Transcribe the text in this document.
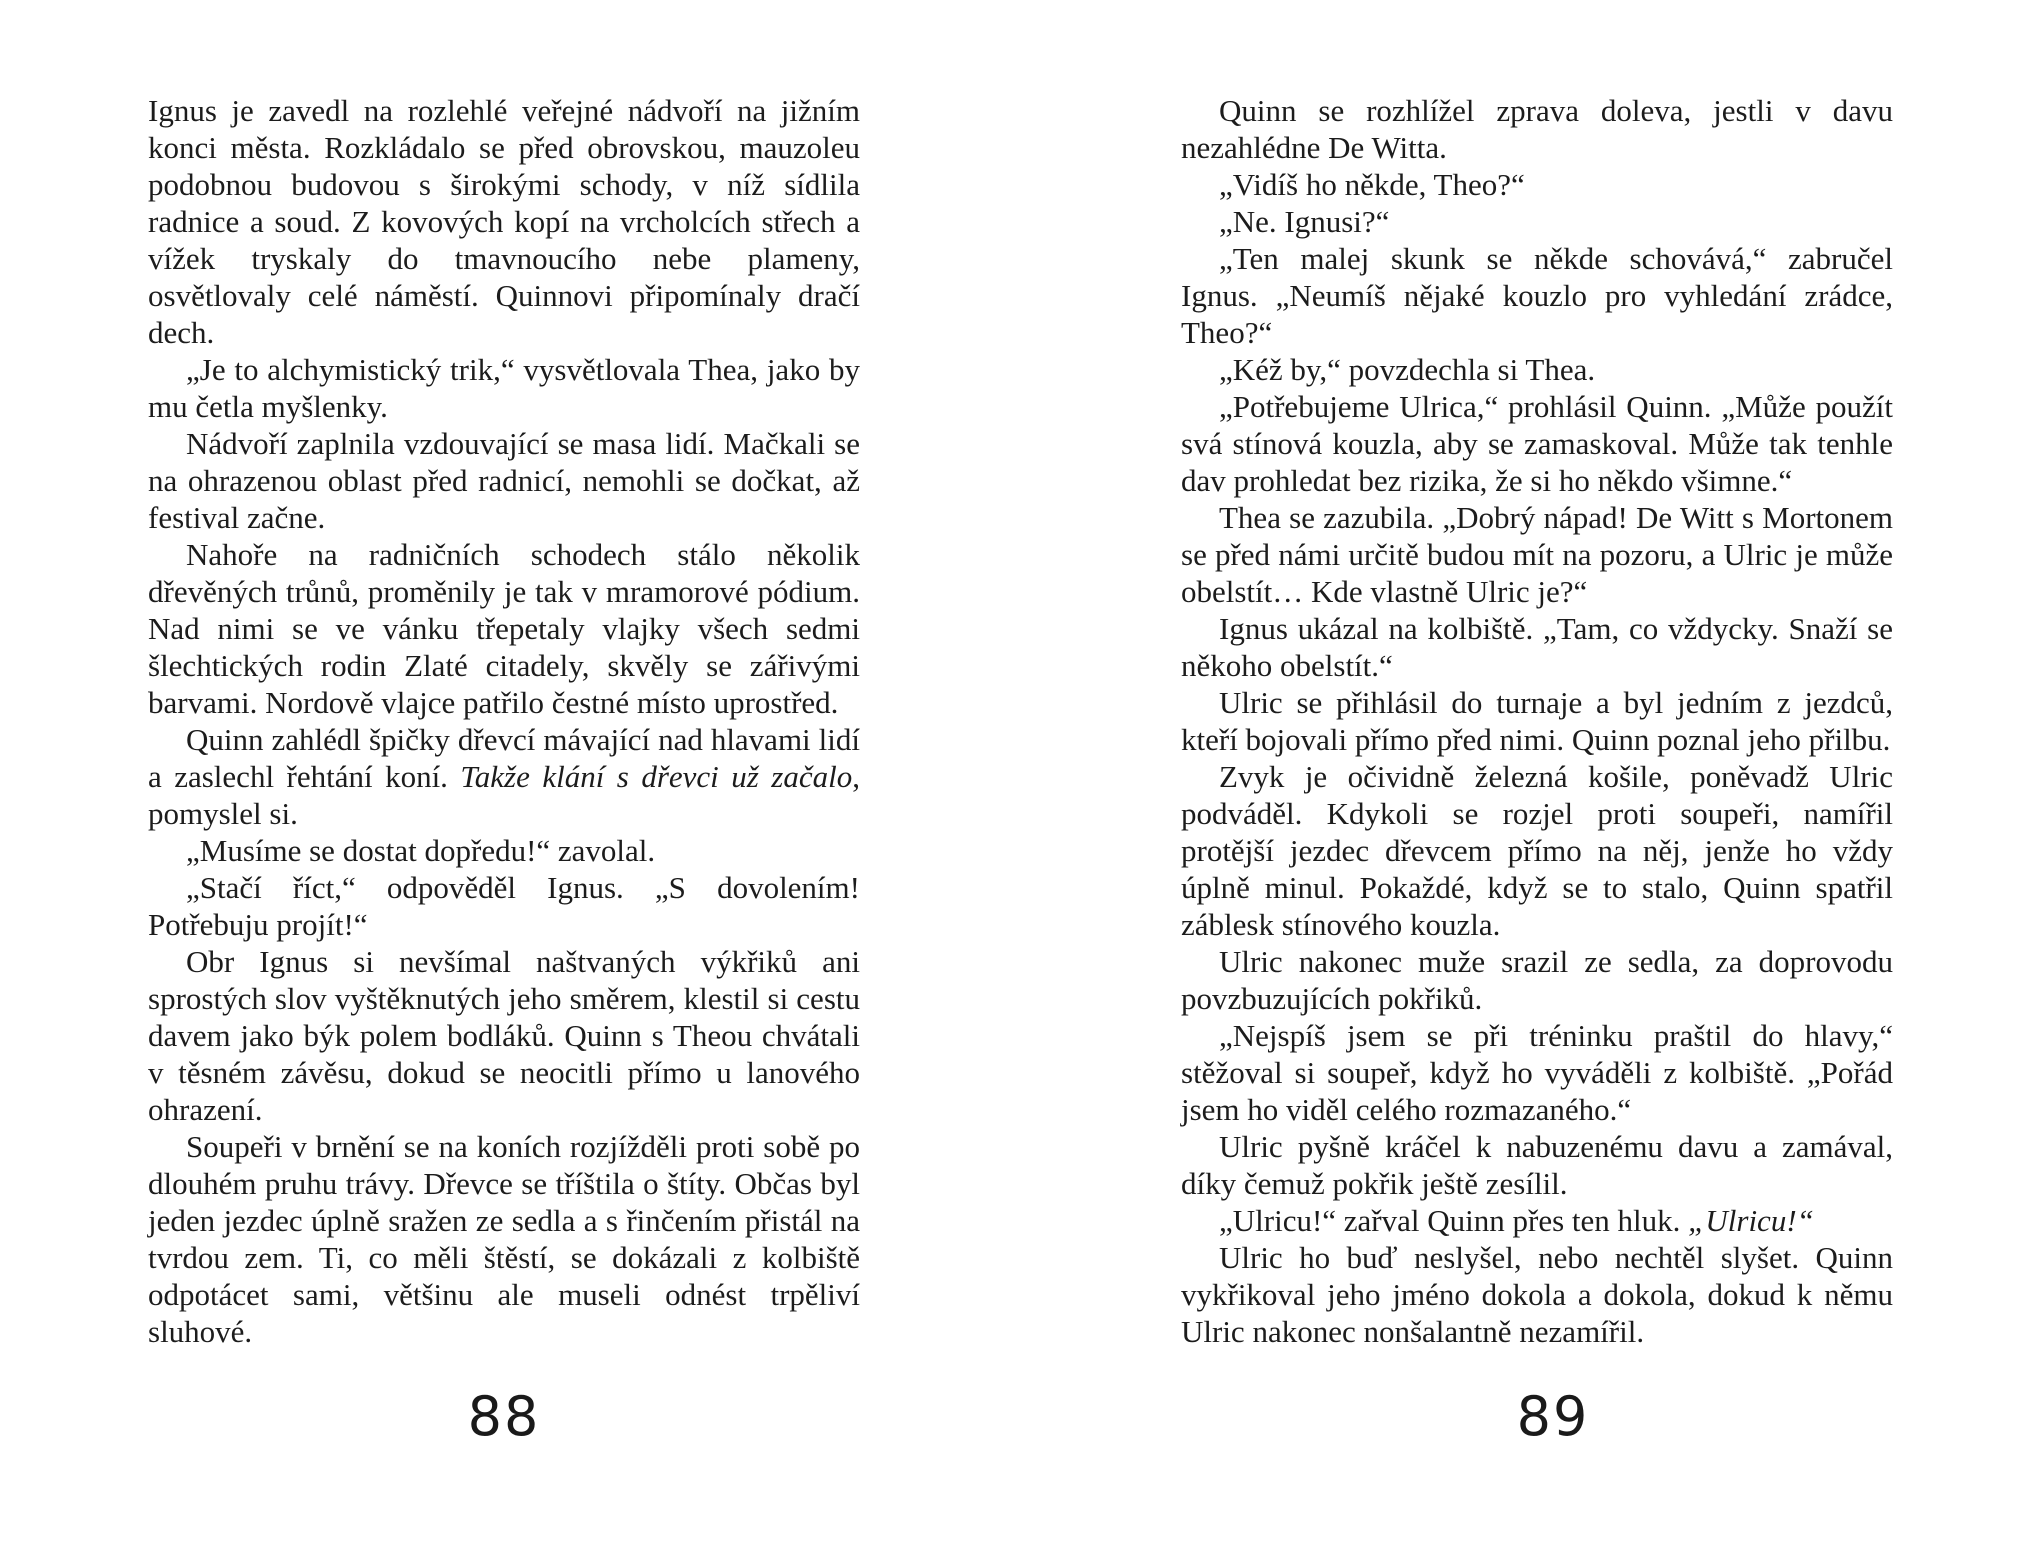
Ignus je zavedl na rozlehlé veřejné nádvoří na jižním konci města. Rozkládalo se před obrovskou, mauzoleu podobnou budovou s širokými schody, v níž sídlila radnice a soud. Z kovových kopí na vrcholcích střech a vížek tryskaly do tmavnoucího nebe plameny, osvětlovaly celé náměstí. Quinnovi připomínaly dračí dech.

„Je to alchymistický trik,“ vysvětlovala Thea, jako by mu četla myšlenky.

Nádvoří zaplnila vzdouvající se masa lidí. Mačkali se na ohrazenou oblast před radnicí, nemohli se dočkat, až festival začne.

Nahoře na radničních schodech stálo několik dřevěných trůnů, proměnily je tak v mramorové pódium. Nad nimi se ve vánku třepetaly vlajky všech sedmi šlechtických rodin Zlaté citadely, skvěly se zářivými barvami. Nordově vlajce patřilo čestné místo uprostřed.

Quinn zahlédl špičky dřevcí mávající nad hlavami lidí a zaslechl řehtání koní. Takže klání s dřevci už začalo, pomyslel si.

„Musíme se dostat dopředu!“ zavolal.

„Stačí říct,“ odpověděl Ignus. „S dovolením! Potřebuju projít!“

Obr Ignus si nevšímal naštvaných výkřiků ani sprostých slov vyštěknutých jeho směrem, klestil si cestu davem jako býk polem bodláků. Quinn s Theou chvátali v těsném závěsu, dokud se neocitli přímo u lanového ohrazení.

Soupeři v brnění se na koních rozjížděli proti sobě po dlouhém pruhu trávy. Dřevce se tříštila o štíty. Občas byl jeden jezdec úplně sražen ze sedla a s řinčením přistál na tvrdou zem. Ti, co měli štěstí, se dokázali z kolbiště odpotácet sami, většinu ale museli odnést trpěliví sluhové.

88

Quinn se rozhlížel zprava doleva, jestli v davu nezahlédne De Witta.

„Vidíš ho někde, Theo?“

„Ne. Ignusi?“

„Ten malej skunk se někde schovává,“ zabručel Ignus. „Neumíš nějaké kouzlo pro vyhledání zrádce, Theo?“

„Kéž by,“ povzdechla si Thea.

„Potřebujeme Ulrica,“ prohlásil Quinn. „Může použít svá stínová kouzla, aby se zamaskoval. Může tak tenhle dav prohledat bez rizika, že si ho někdo všimne.“

Thea se zazubila. „Dobrý nápad! De Witt s Mortonem se před námi určitě budou mít na pozoru, a Ulric je může obelstít… Kde vlastně Ulric je?“

Ignus ukázal na kolbiště. „Tam, co vždycky. Snaží se někoho obelstít.“

Ulric se přihlásil do turnaje a byl jedním z jezdců, kteří bojovali přímo před nimi. Quinn poznal jeho přilbu.

Zvyk je očividně železná košile, poněvadž Ulric podváděl. Kdykoli se rozjel proti soupeři, namířil protější jezdec dřevcem přímo na něj, jenže ho vždy úplně minul. Pokaždé, když se to stalo, Quinn spatřil záblesk stínového kouzla.

Ulric nakonec muže srazil ze sedla, za doprovodu povzbuzujících pokřiků.

„Nejspíš jsem se při tréninku praštil do hlavy,“ stěžoval si soupeř, když ho vyváděli z kolbiště. „Pořád jsem ho viděl celého rozmazaného.“

Ulric pyšně kráčel k nabuzenému davu a zamával, díky čemuž pokřik ještě zesílil.

„Ulricu!“ zařval Quinn přes ten hluk. „Ulricu!“

Ulric ho buď neslyšel, nebo nechtěl slyšet. Quinn vykřikoval jeho jméno dokola a dokola, dokud k němu Ulric nakonec nonšalantně nezamířil.

89
